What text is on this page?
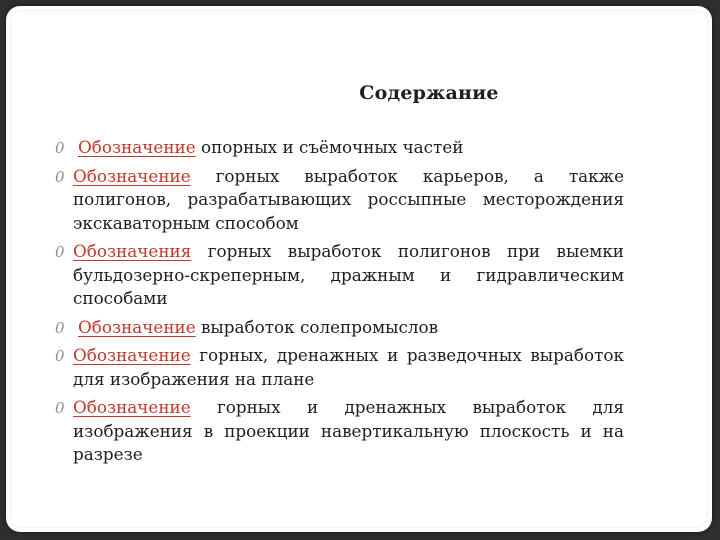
Содержание
0 Обозначение опорных и съёмочных частей
0 Обозначение горных выработок карьеров, а также полигонов, разрабатывающих россыпные месторождения экскаваторным способом
0 Обозначения горных выработок полигонов при выемки бульдозерно-скреперным, дражным и гидравлическим способами
0 Обозначение выработок солепромыслов
0 Обозначение горных, дренажных и разведочных выработок для изображения на плане
0 Обозначение горных и дренажных выработок для изображения в проекции навертикальную плоскость и на разрезе
